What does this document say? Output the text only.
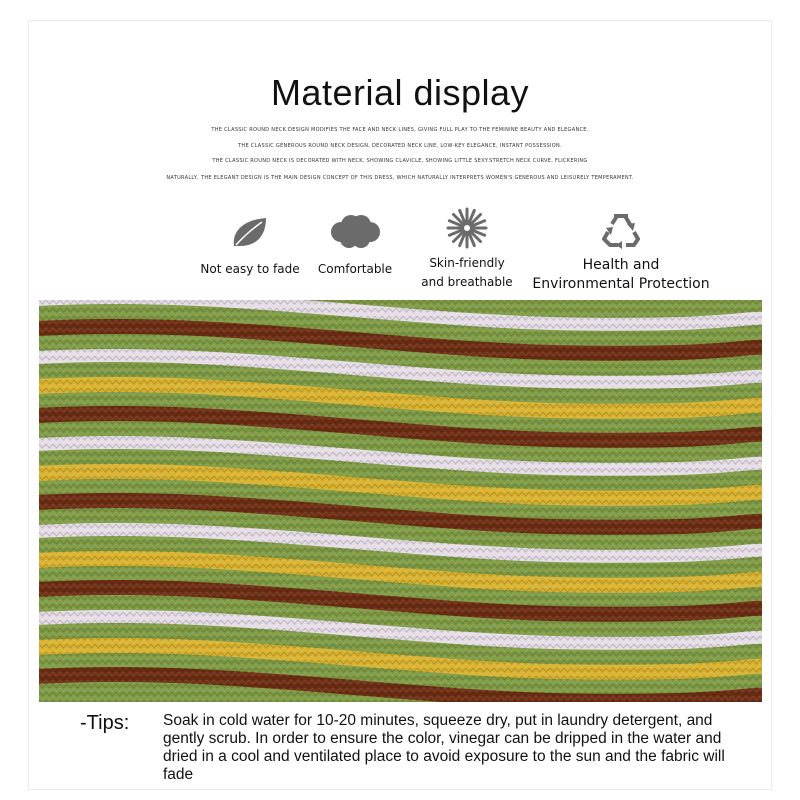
Material display
THE CLASSIC ROUND NECK DESIGN MODIFIES THE FACE AND NECK LINES, GIVING FULL PLAY TO THE FEMININE BEAUTY AND ELEGANCE.
THE CLASSIC GENEROUS ROUND NECK DESIGN, DECORATED NECK LINE, LOW-KEY ELEGANCE, INSTANT POSSESSION.
THE CLASSIC ROUND NECK IS DECORATED WITH NECK, SHOWING CLAVICLE, SHOWING LITTLE SEXY.STRETCH NECK CURVE, FLICKERING
NATURALLY, THE ELEGANT DESIGN IS THE MAIN DESIGN CONCEPT OF THIS DRESS, WHICH NATURALLY INTERPRETS WOMEN'S GENEROUS AND LEISURELY TEMPERAMENT.
Not easy to fade	Comfortable	Skin-friendly
and breathable
Health and
Environmental Protection
-Tips: Soak in cold water for 10-20 minutes, squeeze dry, put in laundry detergent, and gently scrub. In order to ensure the color, vinegar can be dripped in the water and dried in a cool and ventilated place to avoid exposure to the sun and the fabric will fade
